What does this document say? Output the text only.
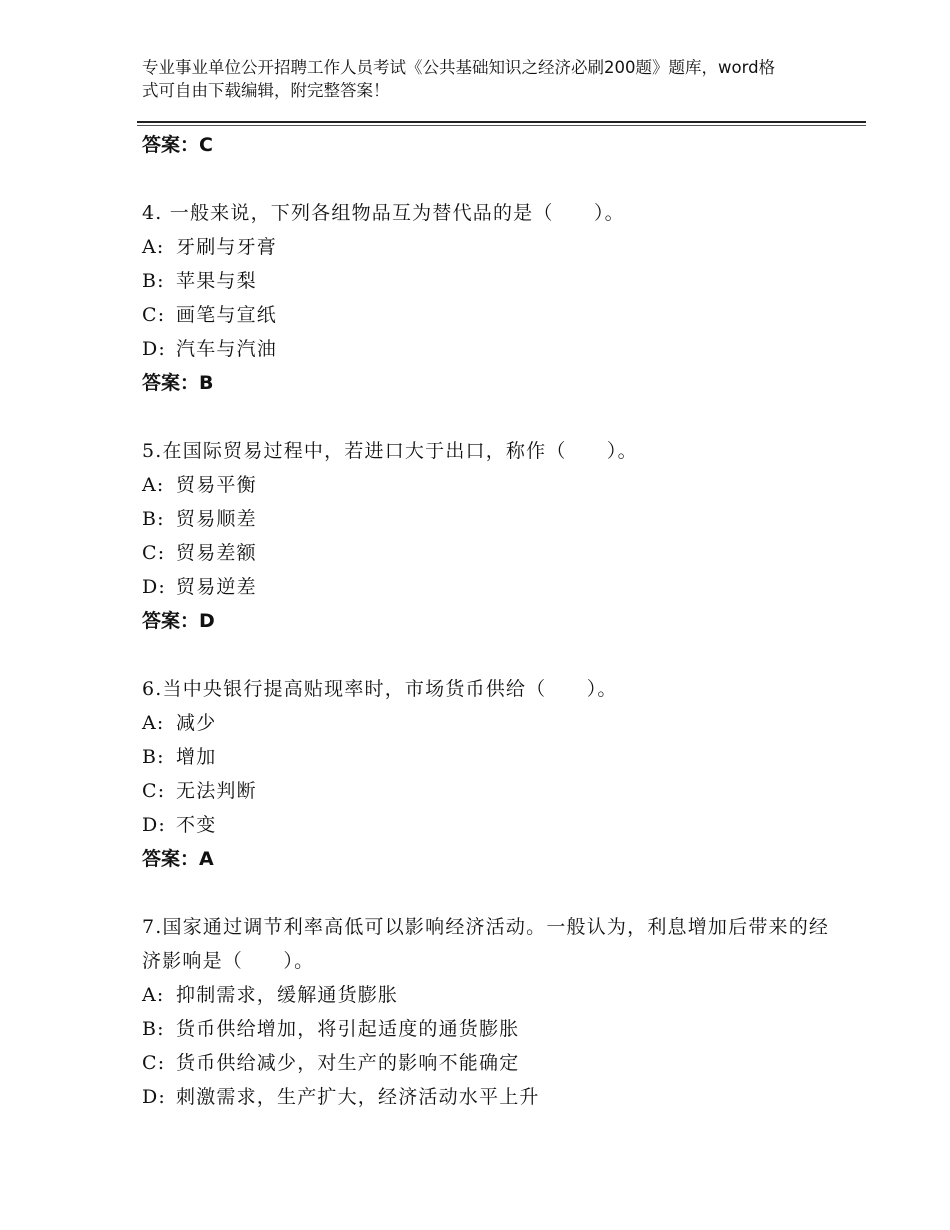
专业事业单位公开招聘工作人员考试《公共基础知识之经济必刷200题》题库，word格式可自由下载编辑，附完整答案！
答案：C
4. 一般来说，下列各组物品互为替代品的是（　　）。
A: 牙刷与牙膏
B: 苹果与梨
C: 画笔与宣纸
D: 汽车与汽油
答案：B
5.在国际贸易过程中，若进口大于出口，称作（　　）。
A: 贸易平衡
B: 贸易顺差
C: 贸易差额
D: 贸易逆差
答案：D
6.当中央银行提高贴现率时，市场货币供给（　　）。
A: 减少
B: 增加
C: 无法判断
D: 不变
答案：A
7.国家通过调节利率高低可以影响经济活动。一般认为，利息增加后带来的经济影响是（　　）。
A: 抑制需求，缓解通货膨胀
B: 货币供给增加，将引起适度的通货膨胀
C: 货币供给减少，对生产的影响不能确定
D: 刺激需求，生产扩大，经济活动水平上升
